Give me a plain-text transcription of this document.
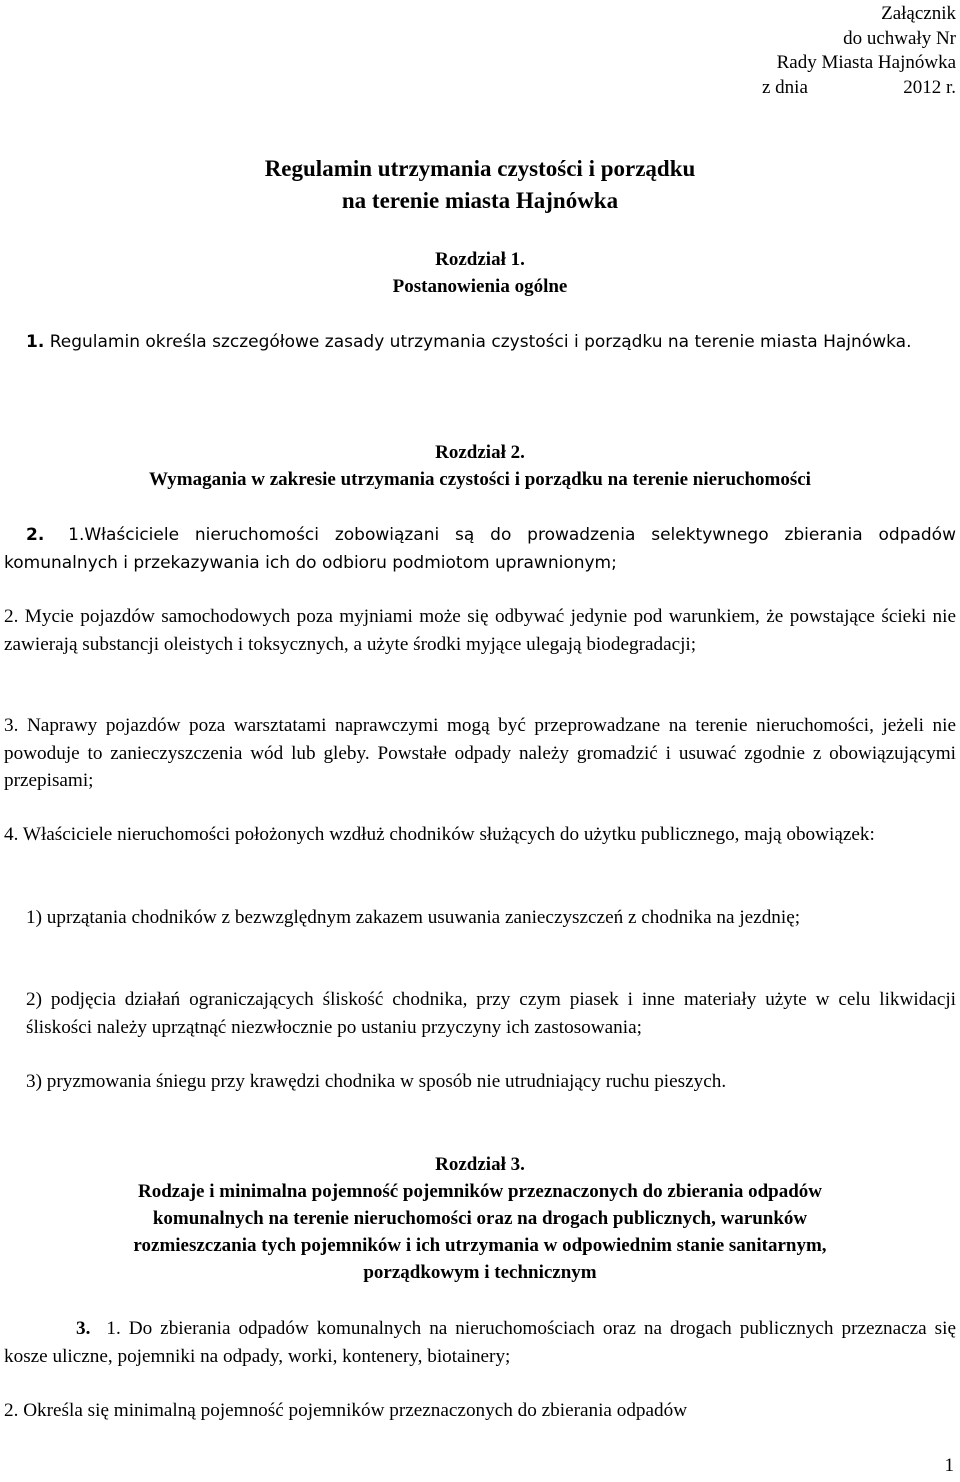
Załącznik
do uchwały Nr
Rady Miasta Hajnówka
z dnia	2012 r.
Regulamin utrzymania czystości i porządku
na terenie miasta Hajnówka
Rozdział 1.
Postanowienia ogólne
1. Regulamin określa szczegółowe zasady utrzymania czystości i porządku na terenie miasta Hajnówka.
Rozdział 2.
Wymagania w zakresie utrzymania czystości i porządku na terenie nieruchomości
2. 1.Właściciele nieruchomości zobowiązani są do prowadzenia selektywnego zbierania odpadów komunalnych i przekazywania ich do odbioru podmiotom uprawnionym;
2. Mycie pojazdów samochodowych poza myjniami może się odbywać jedynie pod warunkiem, że powstające ścieki nie zawierają substancji oleistych i toksycznych, a użyte środki myjące ulegają biodegradacji;
3. Naprawy pojazdów poza warsztatami naprawczymi mogą być przeprowadzane na terenie nieruchomości, jeżeli nie powoduje to zanieczyszczenia wód lub gleby. Powstałe odpady należy gromadzić i usuwać zgodnie z obowiązującymi przepisami;
4. Właściciele nieruchomości położonych wzdłuż chodników służących do użytku publicznego, mają obowiązek:
1) uprzątania chodników z bezwzględnym zakazem usuwania zanieczyszczeń z chodnika na jezdnię;
2) podjęcia działań ograniczających śliskość chodnika, przy czym piasek i inne materiały użyte w celu likwidacji śliskości należy uprzątnąć niezwłocznie po ustaniu przyczyny ich zastosowania;
3) pryzmowania śniegu przy krawędzi chodnika w sposób nie utrudniający ruchu pieszych.
Rozdział 3.
Rodzaje i minimalna pojemność pojemników przeznaczonych do zbierania odpadów
komunalnych na terenie nieruchomości oraz na drogach publicznych, warunków
rozmieszczania tych pojemników i ich utrzymania w odpowiednim stanie sanitarnym,
porządkowym i technicznym
3. 1. Do zbierania odpadów komunalnych na nieruchomościach oraz na drogach publicznych przeznacza się kosze uliczne, pojemniki na odpady, worki, kontenery, biotainery;
2. Określa się minimalną pojemność pojemników przeznaczonych do zbierania odpadów
1
